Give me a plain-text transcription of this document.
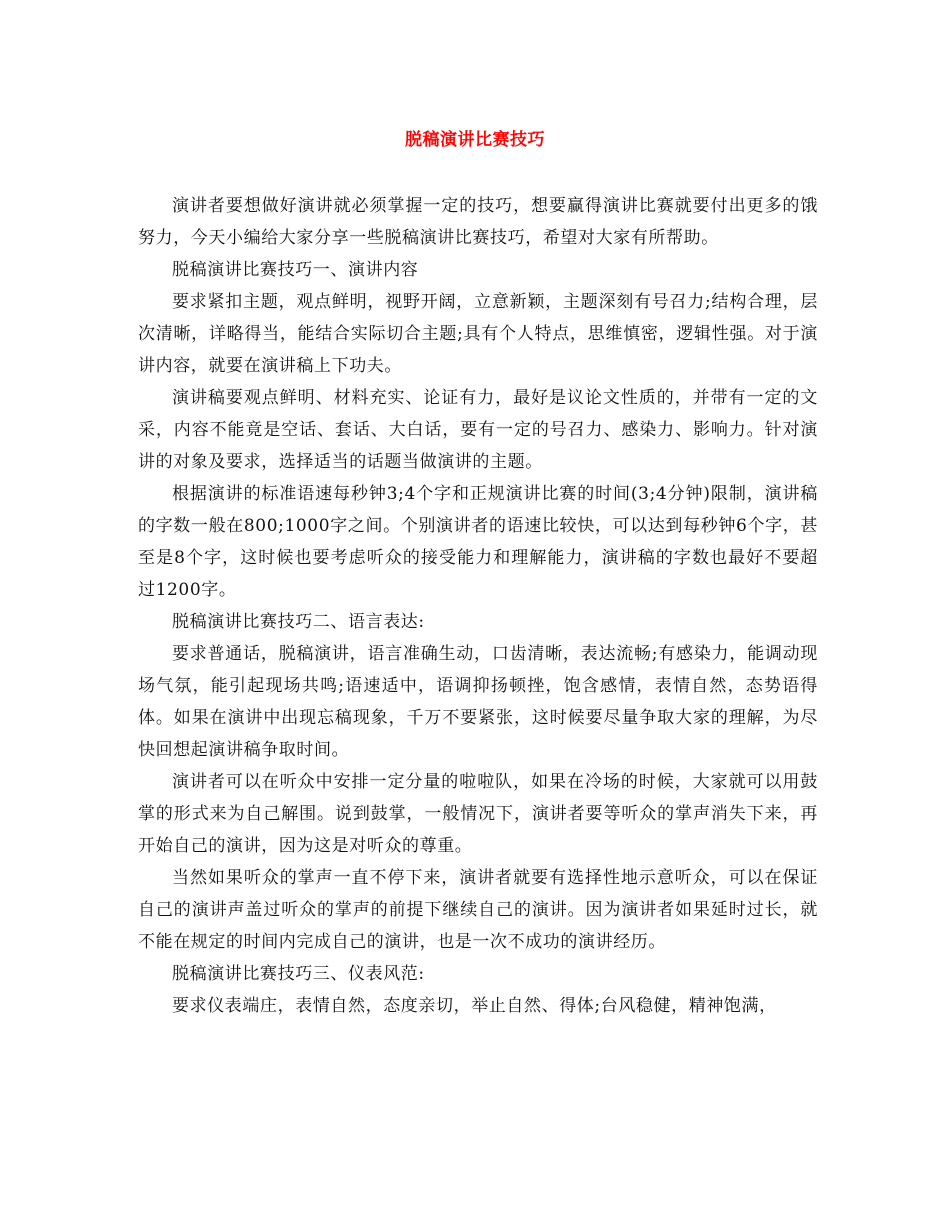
脱稿演讲比赛技巧

演讲者要想做好演讲就必须掌握一定的技巧，想要赢得演讲比赛就要付出更多的饿努力，今天小编给大家分享一些脱稿演讲比赛技巧，希望对大家有所帮助。

脱稿演讲比赛技巧一、演讲内容

要求紧扣主题，观点鲜明，视野开阔，立意新颖，主题深刻有号召力;结构合理，层次清晰，详略得当，能结合实际切合主题;具有个人特点，思维慎密，逻辑性强。对于演讲内容，就要在演讲稿上下功夫。

演讲稿要观点鲜明、材料充实、论证有力，最好是议论文性质的，并带有一定的文采，内容不能竟是空话、套话、大白话，要有一定的号召力、感染力、影响力。针对演讲的对象及要求，选择适当的话题当做演讲的主题。

根据演讲的标准语速每秒钟3;4个字和正规演讲比赛的时间(3;4分钟)限制，演讲稿的字数一般在800;1000字之间。个别演讲者的语速比较快，可以达到每秒钟6个字，甚至是8个字，这时候也要考虑听众的接受能力和理解能力，演讲稿的字数也最好不要超过1200字。

脱稿演讲比赛技巧二、语言表达:

要求普通话，脱稿演讲，语言准确生动，口齿清晰，表达流畅;有感染力，能调动现场气氛，能引起现场共鸣;语速适中，语调抑扬顿挫，饱含感情，表情自然，态势语得体。如果在演讲中出现忘稿现象，千万不要紧张，这时候要尽量争取大家的理解，为尽快回想起演讲稿争取时间。

演讲者可以在听众中安排一定分量的啦啦队，如果在冷场的时候，大家就可以用鼓掌的形式来为自己解围。说到鼓掌，一般情况下，演讲者要等听众的掌声消失下来，再开始自己的演讲，因为这是对听众的尊重。

当然如果听众的掌声一直不停下来，演讲者就要有选择性地示意听众，可以在保证自己的演讲声盖过听众的掌声的前提下继续自己的演讲。因为演讲者如果延时过长，就不能在规定的时间内完成自己的演讲，也是一次不成功的演讲经历。

脱稿演讲比赛技巧三、仪表风范:

要求仪表端庄，表情自然，态度亲切，举止自然、得体;台风稳健，精神饱满，
